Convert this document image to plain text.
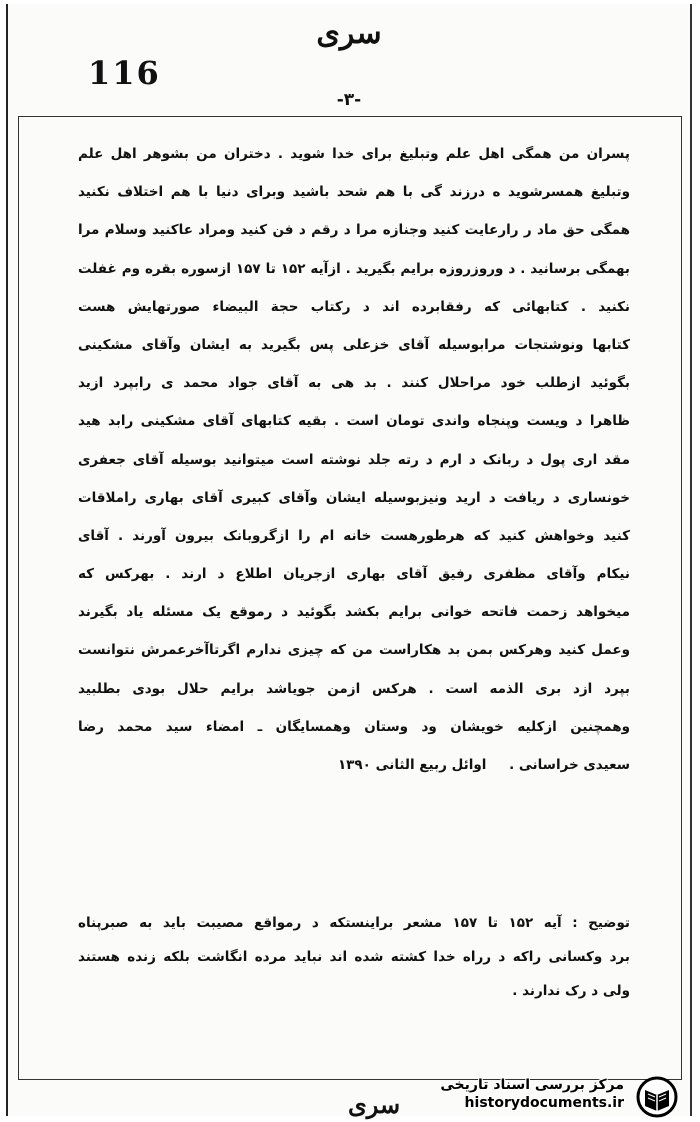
سری
116
-۳-
سری
پسران من همگی اهل علم وتبلیغ برای خدا شوید . دختران من بشوهر اهل علم
وتبلیغ همسرشوید ه درزند گی با هم شحد باشید وبرای دنیا با هم اختلاف نکنید
همگی حق ماد ر رارعایت کنید وجنازه مرا د رقم د فن کنید ومراد عاکنید وسلام مرا
بهمگی برسانید . د وروزروزه برایم بگیرید . ازآیه ۱۵۲ تا ۱۵۷ ازسوره بقره وم غفلت
نکنید . کتابهائی که رفقابرده اند د رکتاب حجة البیضاء صورتهایش هست
کتابها ونوشتجات مرابوسیله آقای خزعلی پس بگیرید به ایشان وآقای مشکینی
بگوئید ازطلب خود مراحلال کنند . بد هی به آقای جواد محمد ی رابپرد ازید
ظاهرا د ویست وپنجاه واندی تومان است . بقیه کتابهای آقای مشکینی رابد هید
مقد اری پول د ربانک د ارم د رته جلد نوشته است میتوانید بوسیله آقای جعفری
خونساری د ریافت د ارید ونیزبوسیله ایشان وآقای کبیری آقای بهاری راملاقات
کنید وخواهش کنید که هرطورهست خانه ام را ازگروبانک بیرون آورند . آقای
نیکام وآقای مظفری رفیق آقای بهاری ازجریان اطلاع د ارند . بهرکس که
میخواهد زحمت فاتحه خوانی برایم بکشد بگوئید د رموقع یک مسئله یاد بگیرند
وعمل کنید وهرکس بمن بد هکاراست من که چیزی ندارم اگرتاآخرعمرش نتوانست
بپرد ازد بری الذمه است . هرکس ازمن جویاشد برایم حلال بودی بطلبید
وهمچنین ازکلیه خویشان ود وستان وهمسایگان ـ امضاء سید محمد رضا
سعیدی خراسانی . اوائل ربیع الثانی ۱۳۹۰
توضیح : آیه ۱۵۲ تا ۱۵۷ مشعر براینستکه د رمواقع مصیبت باید به صبرپناه
برد وکسانی راکه د رراه خدا کشته شده اند نباید مرده انگاشت بلکه زنده هستند
ولی د رک ندارند .
مرکز بررسی اسناد تاریخی
historydocuments.ir
